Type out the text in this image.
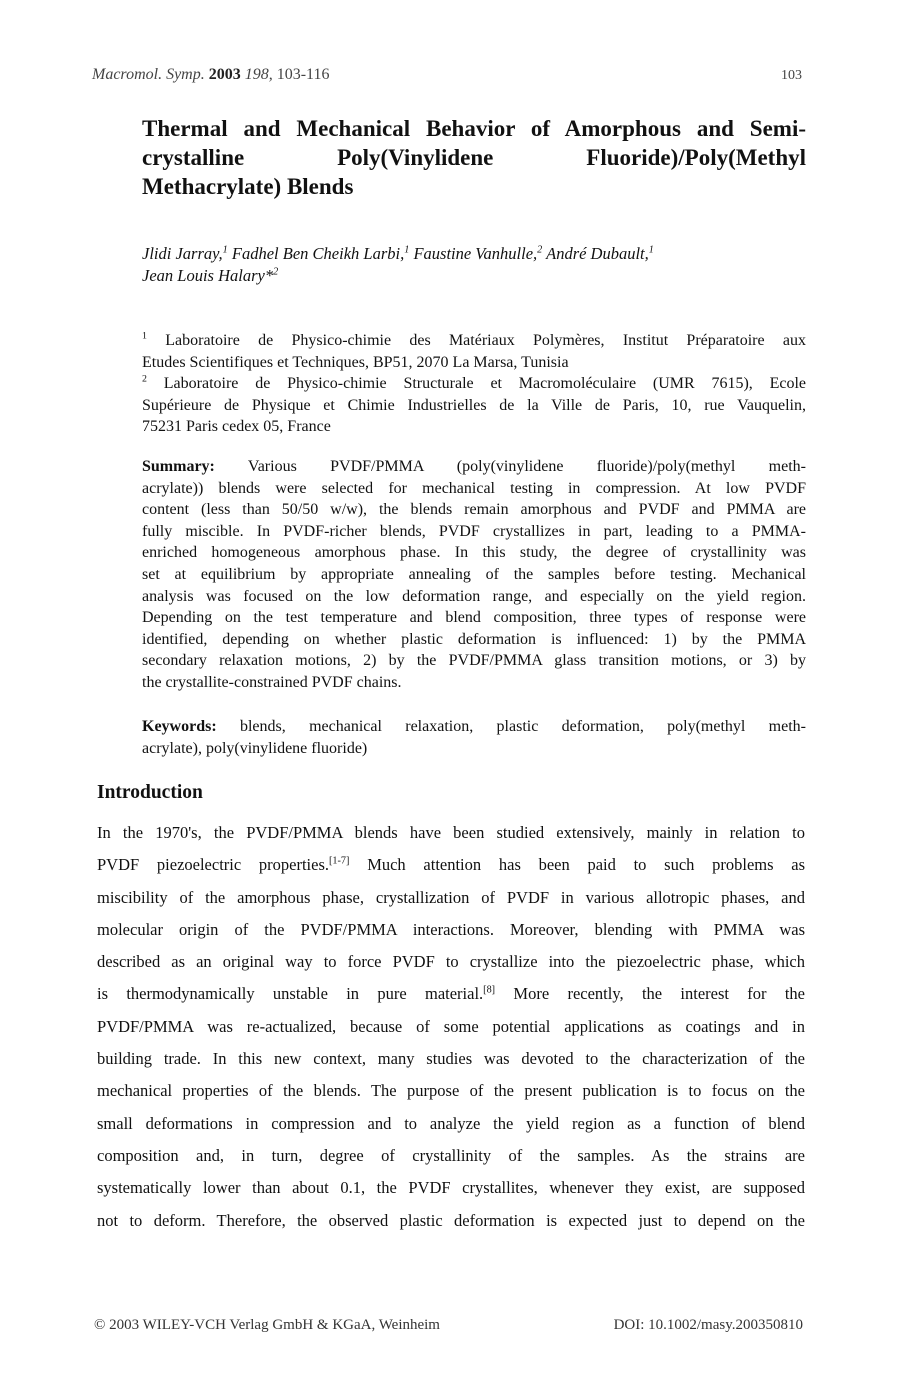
Macromol. Symp. 2003 198, 103-116	103
Thermal and Mechanical Behavior of Amorphous and Semi-
crystalline Poly(Vinylidene Fluoride)/Poly(Methyl
Methacrylate) Blends
Jlidi Jarray,$^1$ Fadhel Ben Cheikh Larbi,$^1$ Faustine Vanhulle,$^2$ André Dubault,$^1$
Jean Louis Halary*$^2$
$^1$ Laboratoire de Physico-chimie des Matériaux Polymères, Institut Préparatoire aux
Etudes Scientifiques et Techniques, BP51, 2070 La Marsa, Tunisia
$^2$ Laboratoire de Physico-chimie Structurale et Macromoléculaire (UMR 7615), Ecole
Supérieure de Physique et Chimie Industrielles de la Ville de Paris, 10, rue Vauquelin,
75231 Paris cedex 05, France
Summary: Various PVDF/PMMA (poly(vinylidene fluoride)/poly(methyl meth-
acrylate)) blends were selected for mechanical testing in compression. At low PVDF
content (less than 50/50 w/w), the blends remain amorphous and PVDF and PMMA are
fully miscible. In PVDF-richer blends, PVDF crystallizes in part, leading to a PMMA-
enriched homogeneous amorphous phase. In this study, the degree of crystallinity was
set at equilibrium by appropriate annealing of the samples before testing. Mechanical
analysis was focused on the low deformation range, and especially on the yield region.
Depending on the test temperature and blend composition, three types of response were
identified, depending on whether plastic deformation is influenced: 1) by the PMMA
secondary relaxation motions, 2) by the PVDF/PMMA glass transition motions, or 3) by
the crystallite-constrained PVDF chains.
Keywords: blends, mechanical relaxation, plastic deformation, poly(methyl meth-
acrylate), poly(vinylidene fluoride)
Introduction
In the 1970's, the PVDF/PMMA blends have been studied extensively, mainly in relation to
PVDF piezoelectric properties.[1-7] Much attention has been paid to such problems as
miscibility of the amorphous phase, crystallization of PVDF in various allotropic phases, and
molecular origin of the PVDF/PMMA interactions. Moreover, blending with PMMA was
described as an original way to force PVDF to crystallize into the piezoelectric phase, which
is thermodynamically unstable in pure material.[8] More recently, the interest for the
PVDF/PMMA was re-actualized, because of some potential applications as coatings and in
building trade. In this new context, many studies was devoted to the characterization of the
mechanical properties of the blends. The purpose of the present publication is to focus on the
small deformations in compression and to analyze the yield region as a function of blend
composition and, in turn, degree of crystallinity of the samples. As the strains are
systematically lower than about 0.1, the PVDF crystallites, whenever they exist, are supposed
not to deform. Therefore, the observed plastic deformation is expected just to depend on the
© 2003 WILEY-VCH Verlag GmbH & KGaA, Weinheim	DOI: 10.1002/masy.200350810
